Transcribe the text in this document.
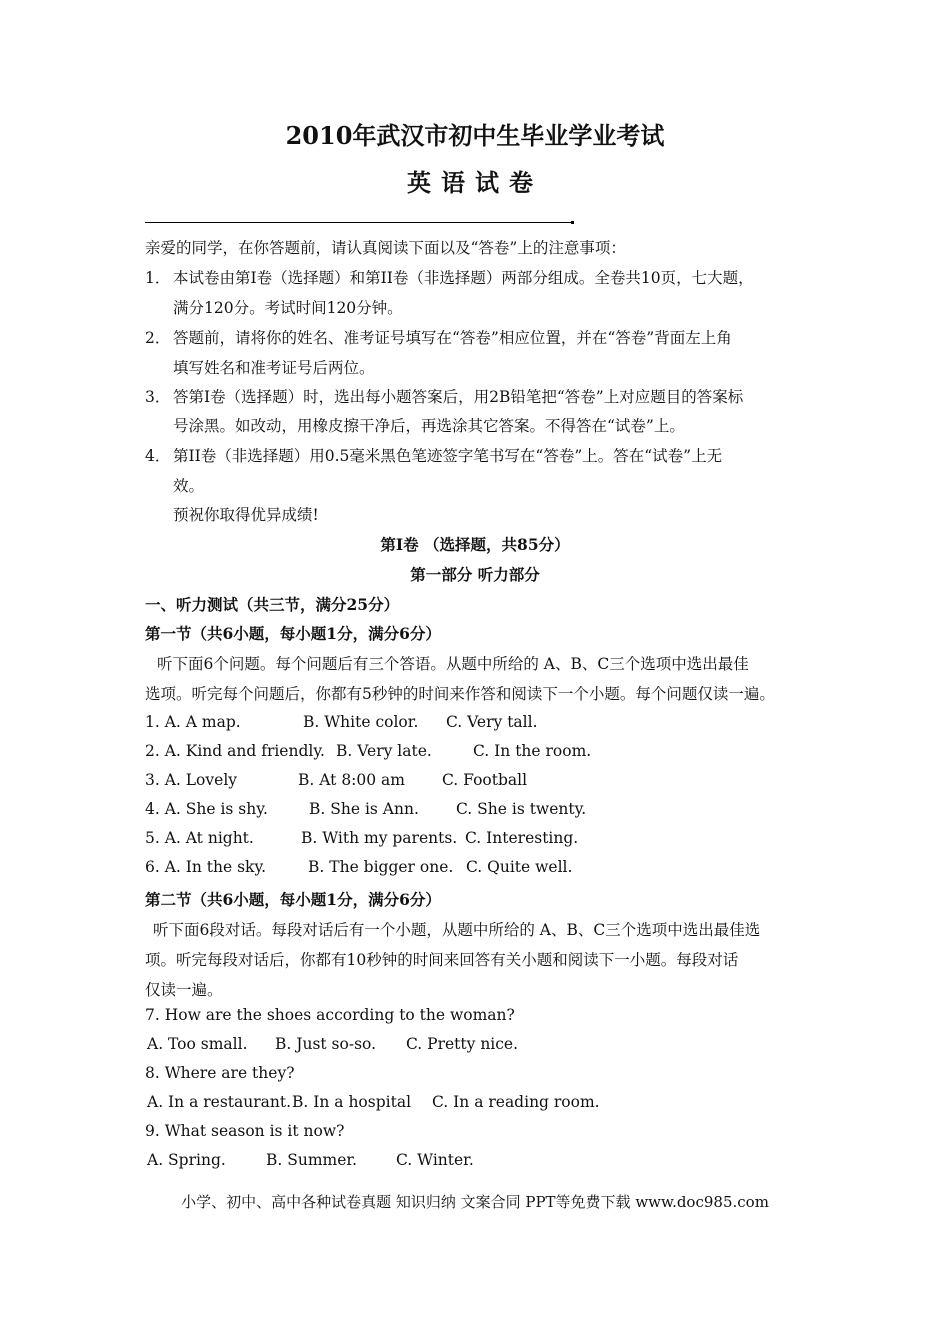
2010年武汉市初中生毕业学业考试
英语试卷
亲爱的同学，在你答题前，请认真阅读下面以及“答卷”上的注意事项：
1． 本试卷由第I卷（选择题）和第II卷（非选择题）两部分组成。全卷共10页，七大题，
满分120分。考试时间120分钟。
2． 答题前，请将你的姓名、准考证号填写在“答卷”相应位置，并在“答卷”背面左上角
填写姓名和准考证号后两位。
3． 答第I卷（选择题）时，选出每小题答案后，用2B铅笔把“答卷”上对应题目的答案标
号涂黑。如改动，用橡皮擦干净后，再选涂其它答案。不得答在“试卷”上。
4． 第II卷（非选择题）用0.5毫米黑色笔迹签字笔书写在“答卷”上。答在“试卷”上无
效。
预祝你取得优异成绩!
第I卷 （选择题，共85分）
第一部分 听力部分
一、听力测试（共三节，满分25分）
第一节（共6小题，每小题1分，满分6分）
听下面6个问题。每个问题后有三个答语。从题中所给的 A、B、C三个选项中选出最佳
选项。听完每个问题后，你都有5秒钟的时间来作答和阅读下一个小题。每个问题仅读一遍。
1. A. A map.	B. White color. C. Very tall.
2. A. Kind and friendly. B. Very late.	C. In the room.
3. A. Lovely	B. At 8:00 am C. Football
4. A. She is shy.	B. She is Ann. C. She is twenty.
5. A. At night.	B. With my parents. C. Interesting.
6. A. In the sky.	B. The bigger one. C. Quite well.
第二节（共6小题，每小题1分，满分6分）
听下面6段对话。每段对话后有一个小题，从题中所给的 A、B、C三个选项中选出最佳选
项。听完每段对话后，你都有10秒钟的时间来回答有关小题和阅读下一小题。每段对话
仅读一遍。
7. How are the shoes according to the woman?
A. Too small. B. Just so-so. C. Pretty nice.
8. Where are they?
A. In a restaurant. B. In a hospital C. In a reading room.
9. What season is it now?
A. Spring.	B. Summer.	C. Winter.
小学、初中、高中各种试卷真题 知识归纳 文案合同 PPT等免费下载 www.doc985.com
